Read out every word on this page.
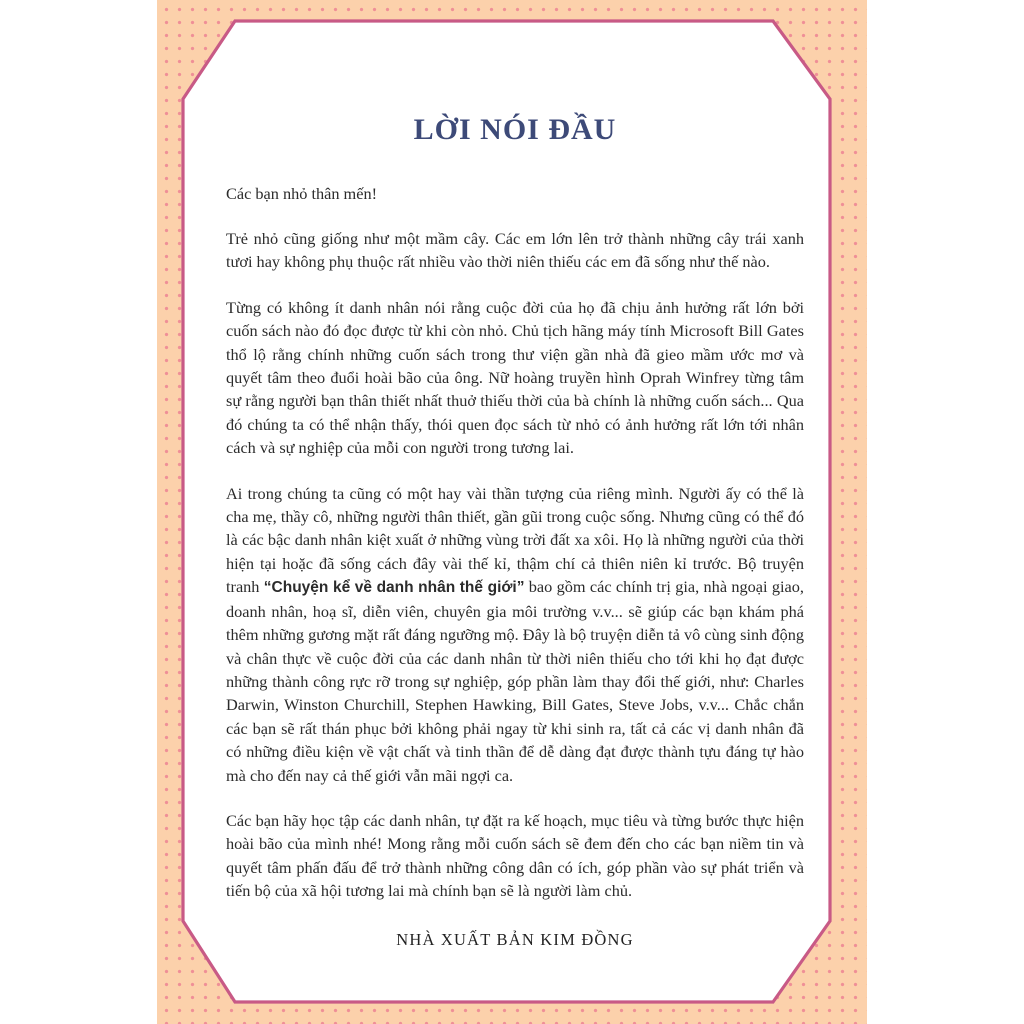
LỜI NÓI ĐẦU

Các bạn nhỏ thân mến!

Trẻ nhỏ cũng giống như một mầm cây. Các em lớn lên trở thành những cây trái xanh tươi hay không phụ thuộc rất nhiều vào thời niên thiếu các em đã sống như thế nào.

Từng có không ít danh nhân nói rằng cuộc đời của họ đã chịu ảnh hưởng rất lớn bởi cuốn sách nào đó đọc được từ khi còn nhỏ. Chủ tịch hãng máy tính Microsoft Bill Gates thổ lộ rằng chính những cuốn sách trong thư viện gần nhà đã gieo mầm ước mơ và quyết tâm theo đuổi hoài bão của ông. Nữ hoàng truyền hình Oprah Winfrey từng tâm sự rằng người bạn thân thiết nhất thuở thiếu thời của bà chính là những cuốn sách... Qua đó chúng ta có thể nhận thấy, thói quen đọc sách từ nhỏ có ảnh hưởng rất lớn tới nhân cách và sự nghiệp của mỗi con người trong tương lai.

Ai trong chúng ta cũng có một hay vài thần tượng của riêng mình. Người ấy có thể là cha mẹ, thầy cô, những người thân thiết, gần gũi trong cuộc sống. Nhưng cũng có thể đó là các bậc danh nhân kiệt xuất ở những vùng trời đất xa xôi. Họ là những người của thời hiện tại hoặc đã sống cách đây vài thế kỉ, thậm chí cả thiên niên kỉ trước. Bộ truyện tranh “Chuyện kể về danh nhân thế giới” bao gồm các chính trị gia, nhà ngoại giao, doanh nhân, hoạ sĩ, diễn viên, chuyên gia môi trường v.v... sẽ giúp các bạn khám phá thêm những gương mặt rất đáng ngưỡng mộ. Đây là bộ truyện diễn tả vô cùng sinh động và chân thực về cuộc đời của các danh nhân từ thời niên thiếu cho tới khi họ đạt được những thành công rực rỡ trong sự nghiệp, góp phần làm thay đổi thế giới, như: Charles Darwin, Winston Churchill, Stephen Hawking, Bill Gates, Steve Jobs, v.v... Chắc chắn các bạn sẽ rất thán phục bởi không phải ngay từ khi sinh ra, tất cả các vị danh nhân đã có những điều kiện về vật chất và tinh thần để dễ dàng đạt được thành tựu đáng tự hào mà cho đến nay cả thế giới vẫn mãi ngợi ca.

Các bạn hãy học tập các danh nhân, tự đặt ra kế hoạch, mục tiêu và từng bước thực hiện hoài bão của mình nhé! Mong rằng mỗi cuốn sách sẽ đem đến cho các bạn niềm tin và quyết tâm phấn đấu để trở thành những công dân có ích, góp phần vào sự phát triển và tiến bộ của xã hội tương lai mà chính bạn sẽ là người làm chủ.

NHÀ XUẤT BẢN KIM ĐỒNG
